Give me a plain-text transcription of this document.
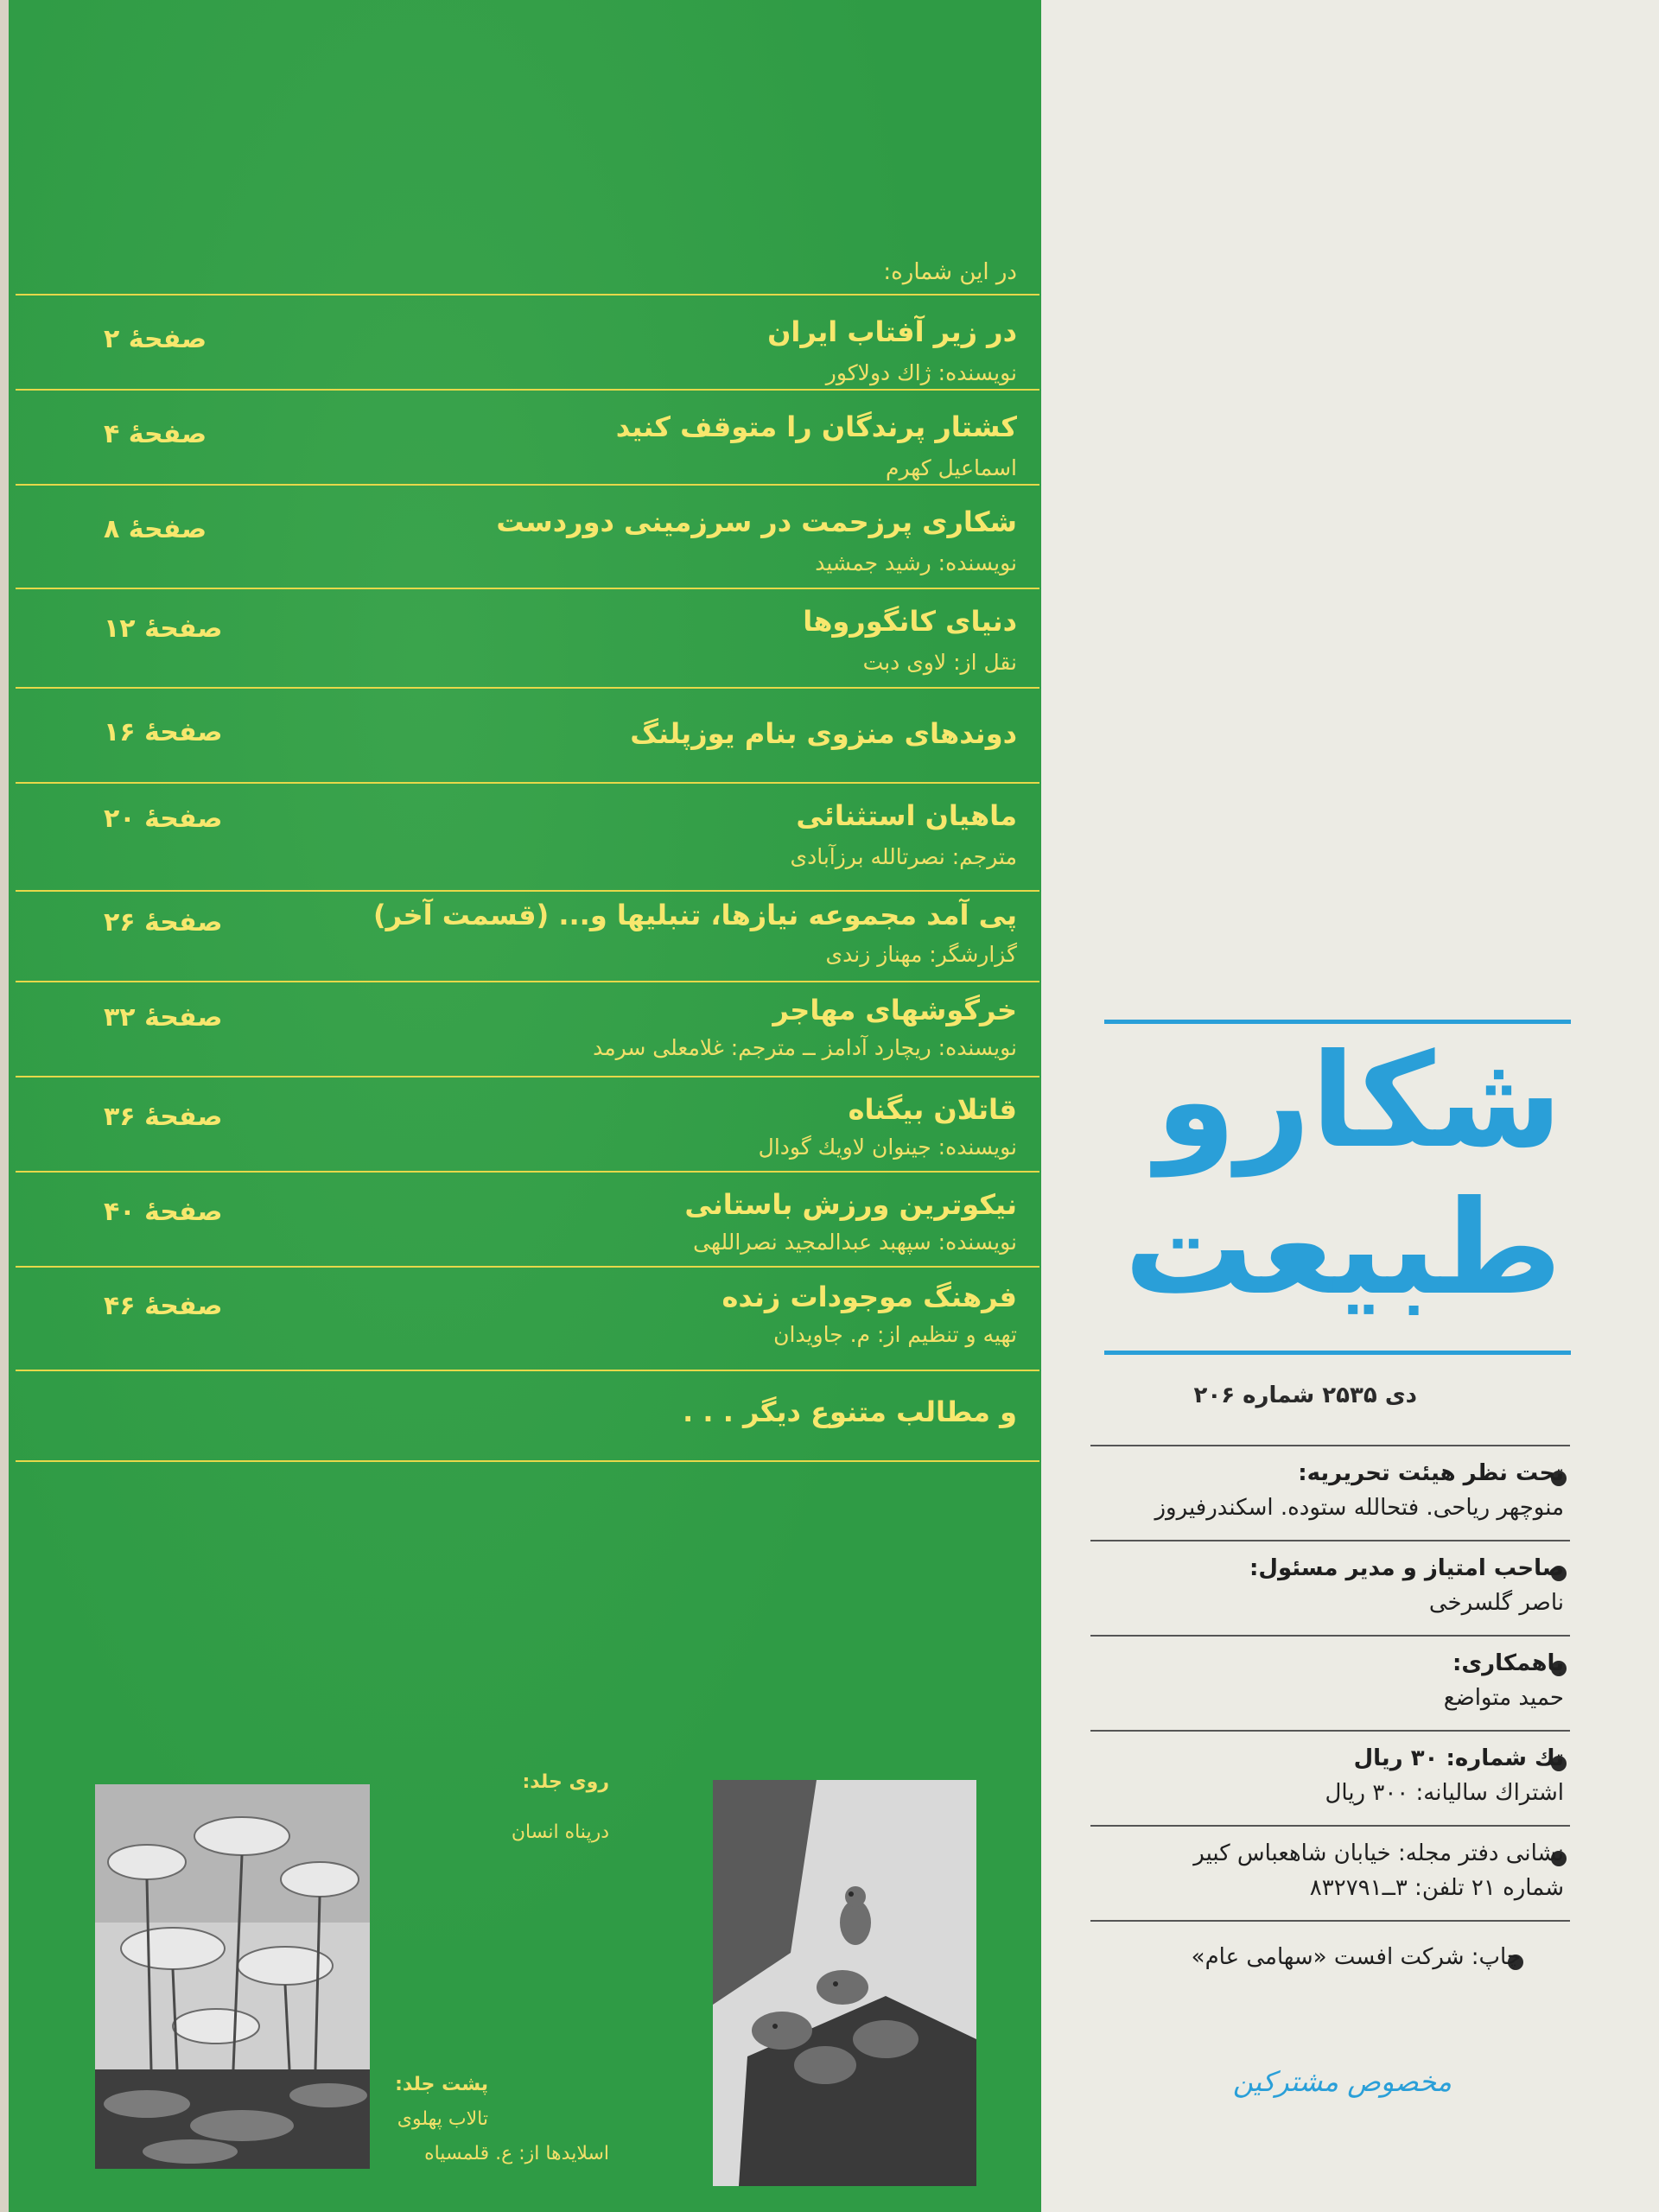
در این شماره:
در زیر آفتاب ایران
نویسنده: ژاك دولاكور
صفحهٔ ۲
كشتار پرندگان را متوقف كنید
اسماعیل كهرم
صفحهٔ ۴
شكاری پرزحمت در سرزمینی دوردست
نویسنده: رشید جمشید
صفحهٔ ۸
دنیای كانگوروها
نقل از: لاوی دبت
صفحهٔ ۱۲
دوندهای منزوی بنام یوزپلنگ
صفحهٔ ۱۶
ماهیان استثنائی
مترجم: نصرتالله برزآبادی
صفحهٔ ۲۰
پی آمد مجموعه نیازها، تنبلیها و... (قسمت آخر)
گزارشگر: مهناز زندی
صفحهٔ ۲۶
خرگوشهای مهاجر
نویسنده: ریچارد آدامز ــ مترجم: غلامعلی سرمد
صفحهٔ ۳۲
قاتلان بیگناه
نویسنده: جینوان لاویك گودال
صفحهٔ ۳۶
نیكوترین ورزش باستانی
نویسنده: سپهبد عبدالمجید نصراللهی
صفحهٔ ۴۰
فرهنگ موجودات زنده
تهیه و تنظیم از: م. جاویدان
صفحهٔ ۴۶
و مطالب متنوع دیگر . . .
روی جلد:
درپناه انسان
پشت جلد:
تالاب پهلوی
اسلایدها از: ع. قلمسیاه
شكارو
طبیعت
دی ۲۵۳۵ شماره ۲۰۶
تحت نظر هیئت تحریریه:
منوچهر ریاحی. فتحالله ستوده. اسكندرفیروز
صاحب امتیاز و مدیر مسئول:
ناصر گلسرخی
باهمكاری:
حمید متواضع
تك شماره: ۳۰ ریال
اشتراك سالیانه: ۳۰۰ ریال
نشانی دفتر مجله: خیابان شاهعباس كبیر
شماره ۲۱ تلفن: ۳ــ۸۳۲۷۹۱
چاپ: شركت افست «سهامی عام»
مخصوص مشتركین
